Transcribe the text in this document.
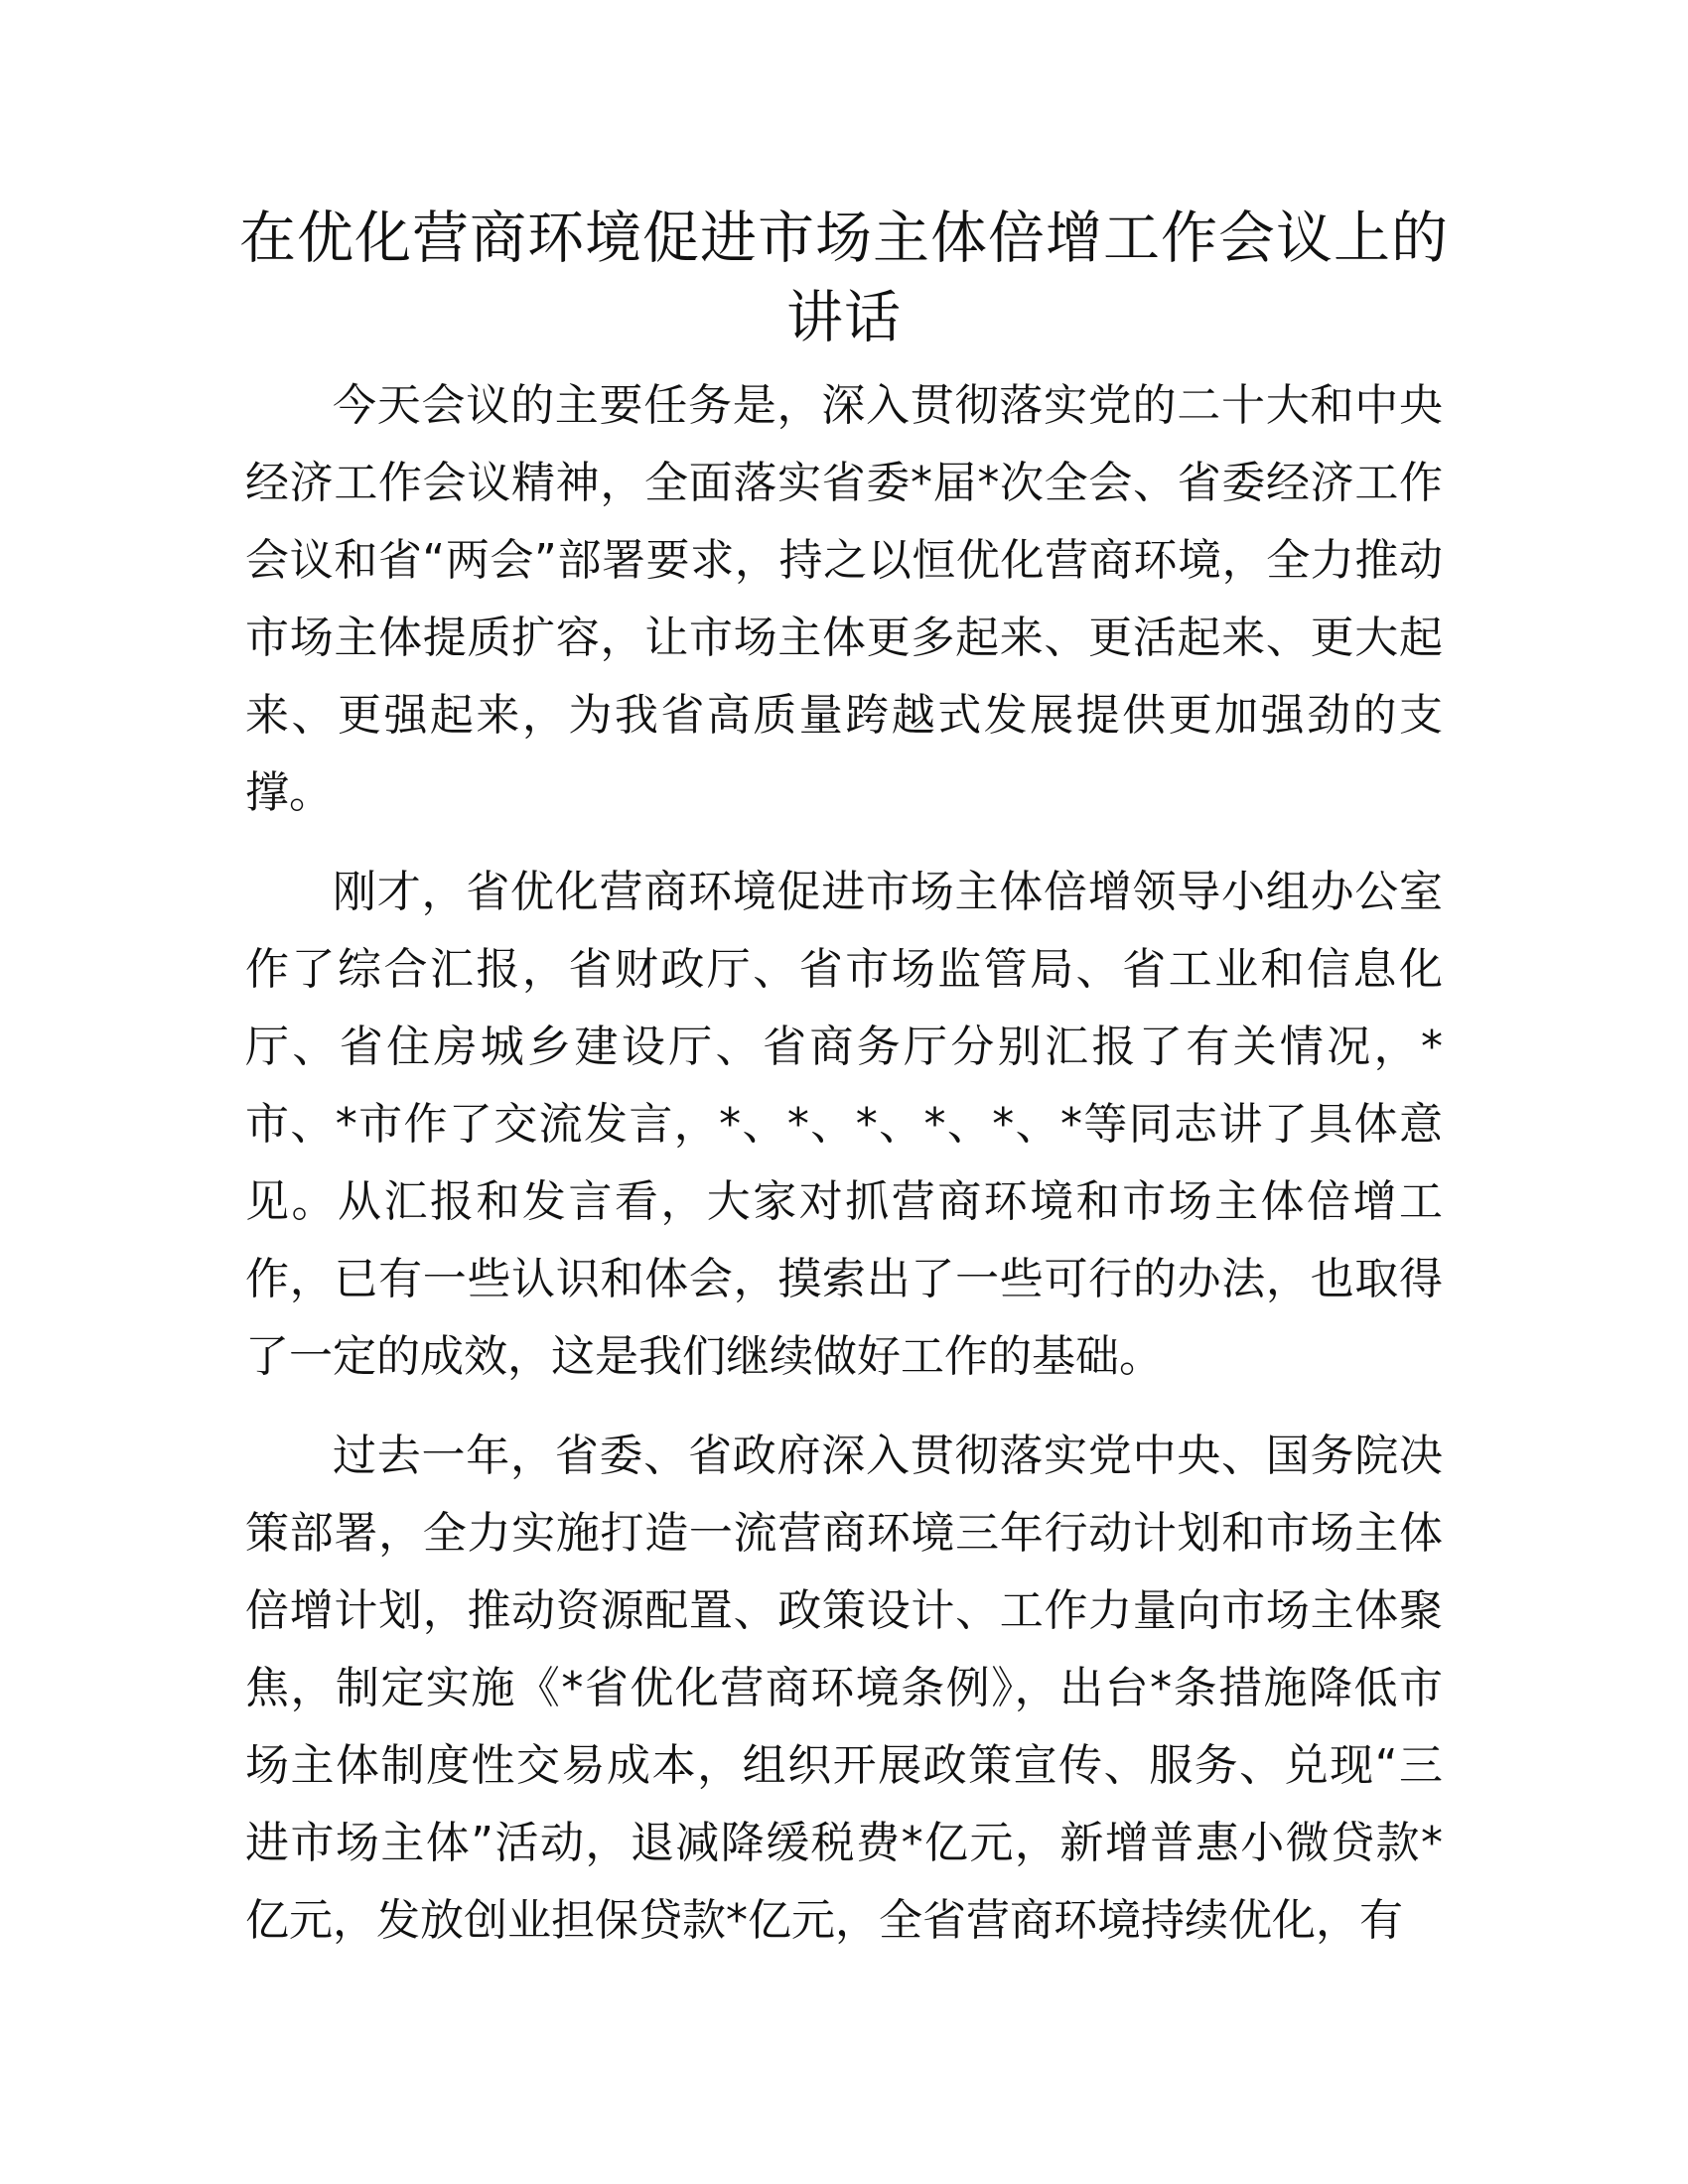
在优化营商环境促进市场主体倍增工作会议上的讲话

今天会议的主要任务是，深入贯彻落实党的二十大和中央经济工作会议精神，全面落实省委*届*次全会、省委经济工作会议和省“两会”部署要求，持之以恒优化营商环境，全力推动市场主体提质扩容，让市场主体更多起来、更活起来、更大起来、更强起来，为我省高质量跨越式发展提供更加强劲的支撑。

刚才，省优化营商环境促进市场主体倍增领导小组办公室作了综合汇报，省财政厅、省市场监管局、省工业和信息化厅、省住房城乡建设厅、省商务厅分别汇报了有关情况，*市、*市作了交流发言，*、*、*、*、*、*等同志讲了具体意见。从汇报和发言看，大家对抓营商环境和市场主体倍增工作，已有一些认识和体会，摸索出了一些可行的办法，也取得了一定的成效，这是我们继续做好工作的基础。

过去一年，省委、省政府深入贯彻落实党中央、国务院决策部署，全力实施打造一流营商环境三年行动计划和市场主体倍增计划，推动资源配置、政策设计、工作力量向市场主体聚焦，制定实施《*省优化营商环境条例》，出台*条措施降低市场主体制度性交易成本，组织开展政策宣传、服务、兑现“三进市场主体”活动，退减降缓税费*亿元，新增普惠小微贷款*亿元，发放创业担保贷款*亿元，全省营商环境持续优化，有
